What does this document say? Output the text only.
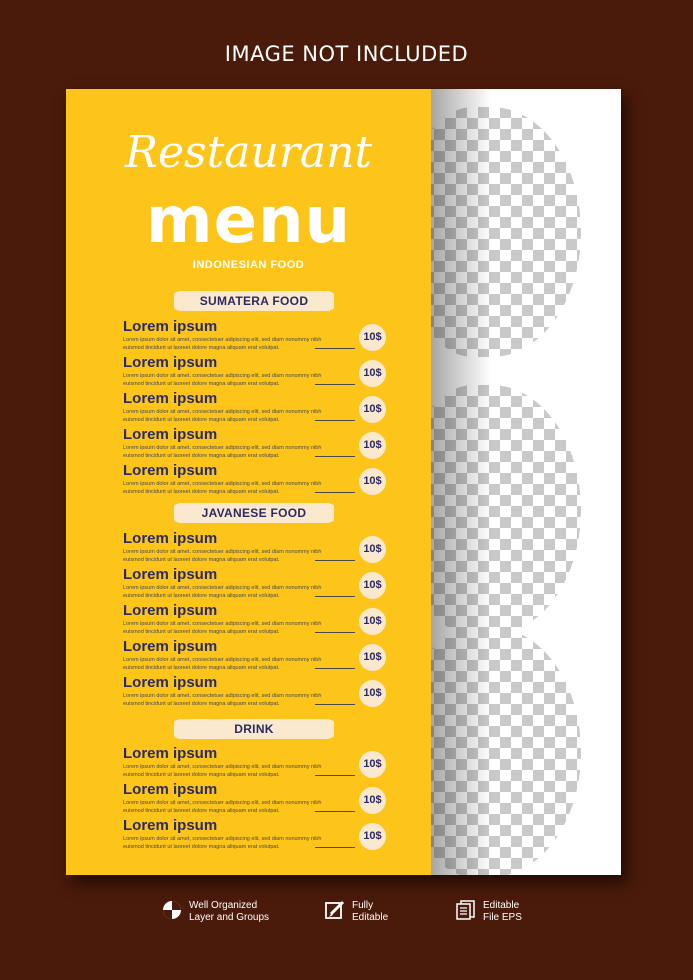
IMAGE NOT INCLUDED
Restaurant
menu
INDONESIAN FOOD
SUMATERA FOOD
Lorem ipsum
Lorem ipsum dolor sit amet, consectetuer adipiscing elit, sed diam nonummy nibh euismod tincidunt ut laoreet dolore magna aliquam erat volutpat.
10$
Lorem ipsum
Lorem ipsum dolor sit amet, consectetuer adipiscing elit, sed diam nonummy nibh euismod tincidunt ut laoreet dolore magna aliquam erat volutpat.
10$
Lorem ipsum
Lorem ipsum dolor sit amet, consectetuer adipiscing elit, sed diam nonummy nibh euismod tincidunt ut laoreet dolore magna aliquam erat volutpat.
10$
Lorem ipsum
Lorem ipsum dolor sit amet, consectetuer adipiscing elit, sed diam nonummy nibh euismod tincidunt ut laoreet dolore magna aliquam erat volutpat.
10$
Lorem ipsum
Lorem ipsum dolor sit amet, consectetuer adipiscing elit, sed diam nonummy nibh euismod tincidunt ut laoreet dolore magna aliquam erat volutpat.
10$
JAVANESE FOOD
Lorem ipsum
Lorem ipsum dolor sit amet, consectetuer adipiscing elit, sed diam nonummy nibh euismod tincidunt ut laoreet dolore magna aliquam erat volutpat.
10$
Lorem ipsum
Lorem ipsum dolor sit amet, consectetuer adipiscing elit, sed diam nonummy nibh euismod tincidunt ut laoreet dolore magna aliquam erat volutpat.
10$
Lorem ipsum
Lorem ipsum dolor sit amet, consectetuer adipiscing elit, sed diam nonummy nibh euismod tincidunt ut laoreet dolore magna aliquam erat volutpat.
10$
Lorem ipsum
Lorem ipsum dolor sit amet, consectetuer adipiscing elit, sed diam nonummy nibh euismod tincidunt ut laoreet dolore magna aliquam erat volutpat.
10$
Lorem ipsum
Lorem ipsum dolor sit amet, consectetuer adipiscing elit, sed diam nonummy nibh euismod tincidunt ut laoreet dolore magna aliquam erat volutpat.
10$
DRINK
Lorem ipsum
Lorem ipsum dolor sit amet, consectetuer adipiscing elit, sed diam nonummy nibh euismod tincidunt ut laoreet dolore magna aliquam erat volutpat.
10$
Lorem ipsum
Lorem ipsum dolor sit amet, consectetuer adipiscing elit, sed diam nonummy nibh euismod tincidunt ut laoreet dolore magna aliquam erat volutpat.
10$
Lorem ipsum
Lorem ipsum dolor sit amet, consectetuer adipiscing elit, sed diam nonummy nibh euismod tincidunt ut laoreet dolore magna aliquam erat volutpat.
10$
Well Organized
Layer and Groups
Fully
Editable
Editable
File EPS
